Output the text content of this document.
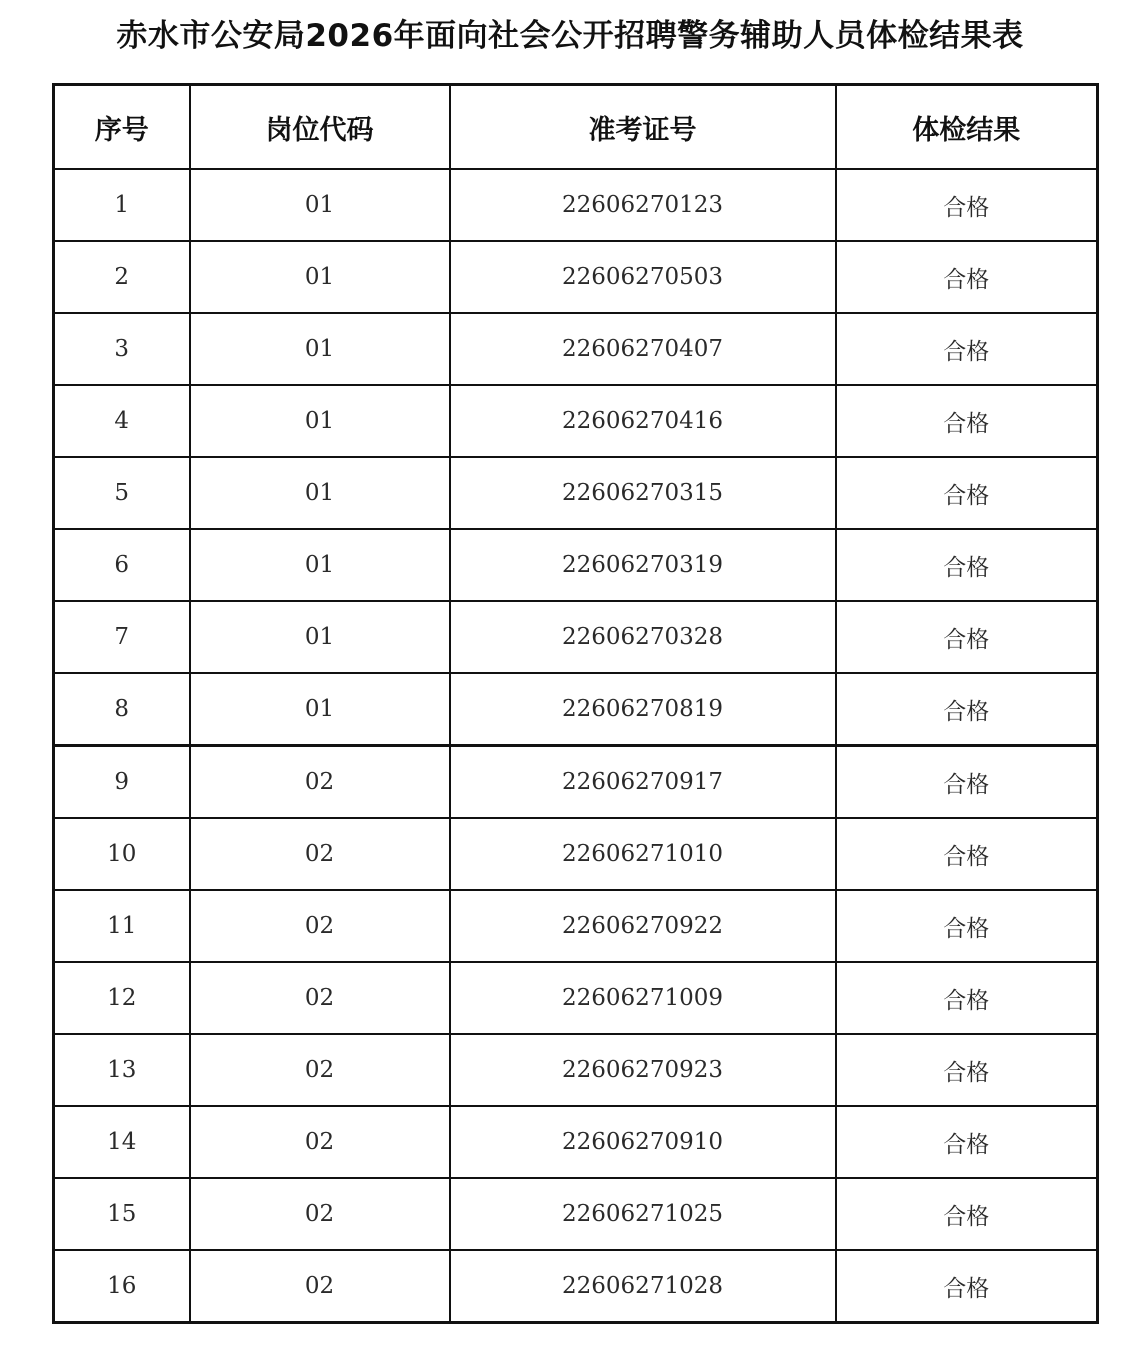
赤水市公安局2026年面向社会公开招聘警务辅助人员体检结果表
序号	岗位代码	准考证号	体检结果
1	01	22606270123	合格
2	01	22606270503	合格
3	01	22606270407	合格
4	01	22606270416	合格
5	01	22606270315	合格
6	01	22606270319	合格
7	01	22606270328	合格
8	01	22606270819	合格
9	02	22606270917	合格
10	02	22606271010	合格
11	02	22606270922	合格
12	02	22606271009	合格
13	02	22606270923	合格
14	02	22606270910	合格
15	02	22606271025	合格
16	02	22606271028	合格
